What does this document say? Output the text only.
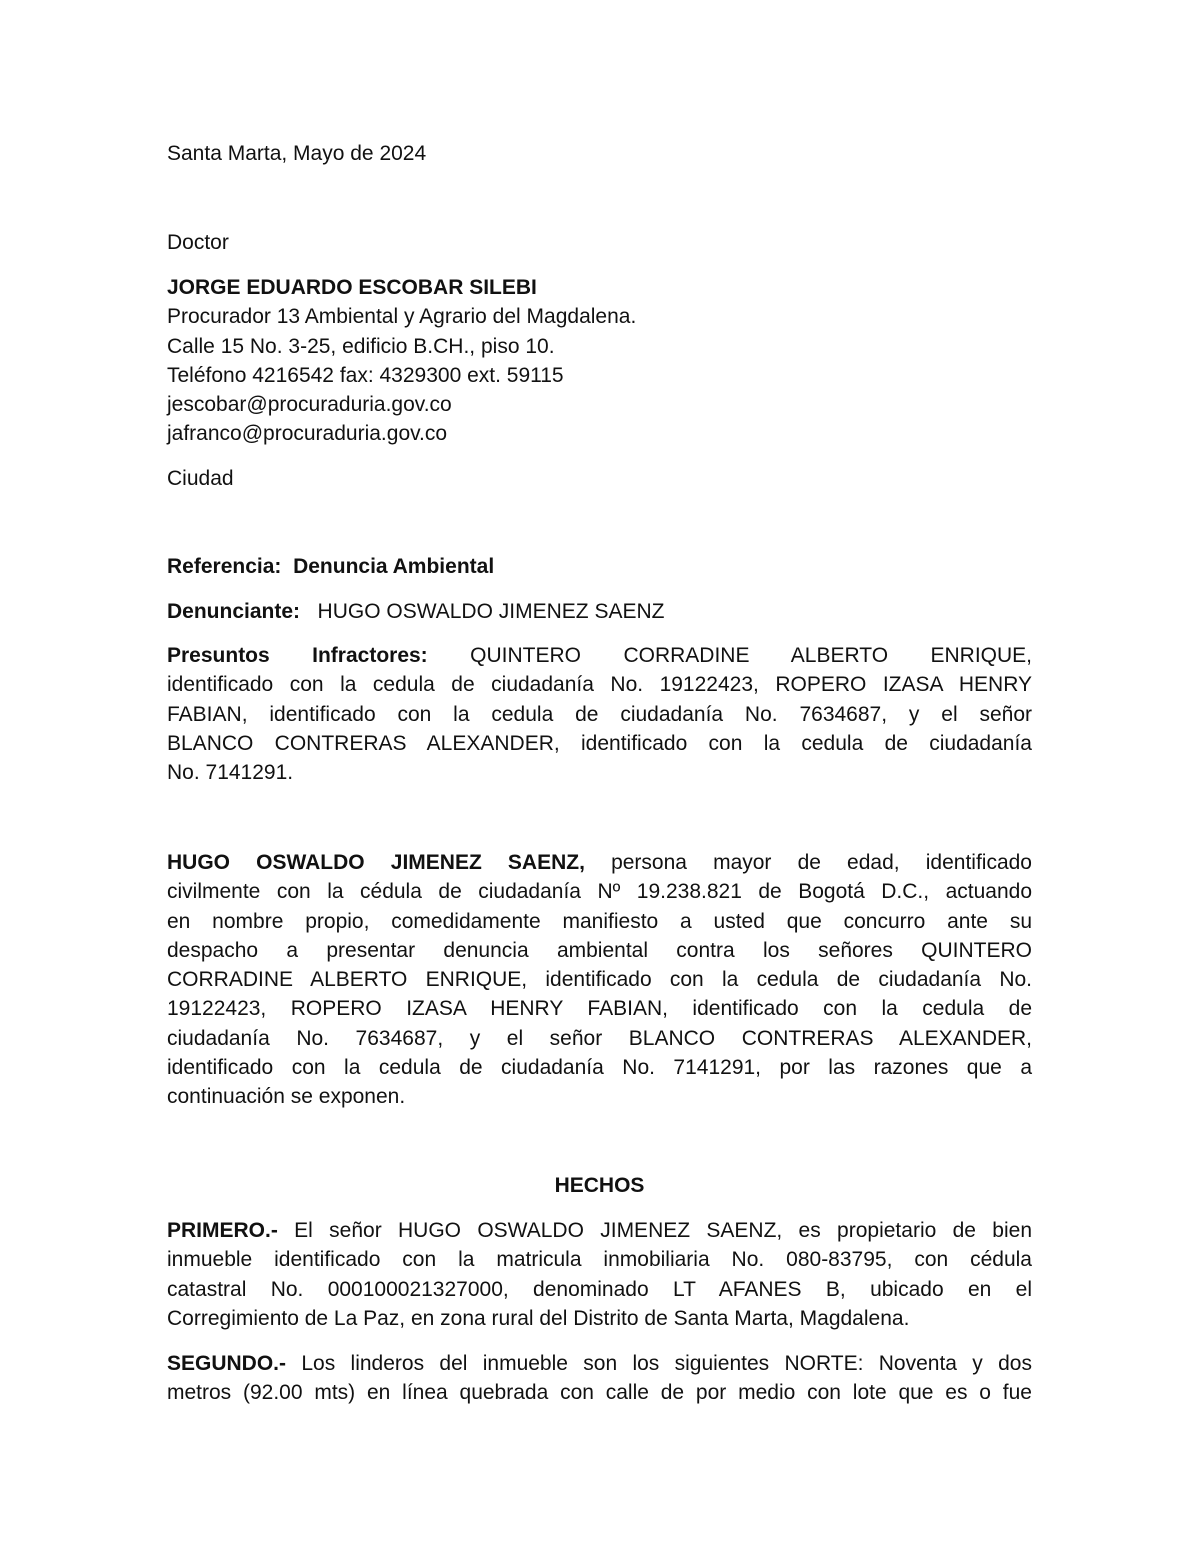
Santa Marta, Mayo de 2024
Doctor
JORGE EDUARDO ESCOBAR SILEBI
Procurador 13 Ambiental y Agrario del Magdalena.
Calle 15 No. 3-25, edificio B.CH., piso 10.
Teléfono 4216542 fax: 4329300 ext. 59115
jescobar@procuraduria.gov.co
jafranco@procuraduria.gov.co
Ciudad
Referencia: Denuncia Ambiental
Denunciante: HUGO OSWALDO JIMENEZ SAENZ
Presuntos Infractores: QUINTERO CORRADINE ALBERTO ENRIQUE,
identificado con la cedula de ciudadanía No. 19122423, ROPERO IZASA HENRY
FABIAN, identificado con la cedula de ciudadanía No. 7634687, y el señor
BLANCO CONTRERAS ALEXANDER, identificado con la cedula de ciudadanía
No. 7141291.
HUGO OSWALDO JIMENEZ SAENZ, persona mayor de edad, identificado
civilmente con la cédula de ciudadanía Nº 19.238.821 de Bogotá D.C., actuando
en nombre propio, comedidamente manifiesto a usted que concurro ante su
despacho a presentar denuncia ambiental contra los señores QUINTERO
CORRADINE ALBERTO ENRIQUE, identificado con la cedula de ciudadanía No.
19122423, ROPERO IZASA HENRY FABIAN, identificado con la cedula de
ciudadanía No. 7634687, y el señor BLANCO CONTRERAS ALEXANDER,
identificado con la cedula de ciudadanía No. 7141291, por las razones que a
continuación se exponen.
HECHOS
PRIMERO.- El señor HUGO OSWALDO JIMENEZ SAENZ, es propietario de bien
inmueble identificado con la matricula inmobiliaria No. 080-83795, con cédula
catastral No. 000100021327000, denominado LT AFANES B, ubicado en el
Corregimiento de La Paz, en zona rural del Distrito de Santa Marta, Magdalena.
SEGUNDO.- Los linderos del inmueble son los siguientes NORTE: Noventa y dos
metros (92.00 mts) en línea quebrada con calle de por medio con lote que es o fue
